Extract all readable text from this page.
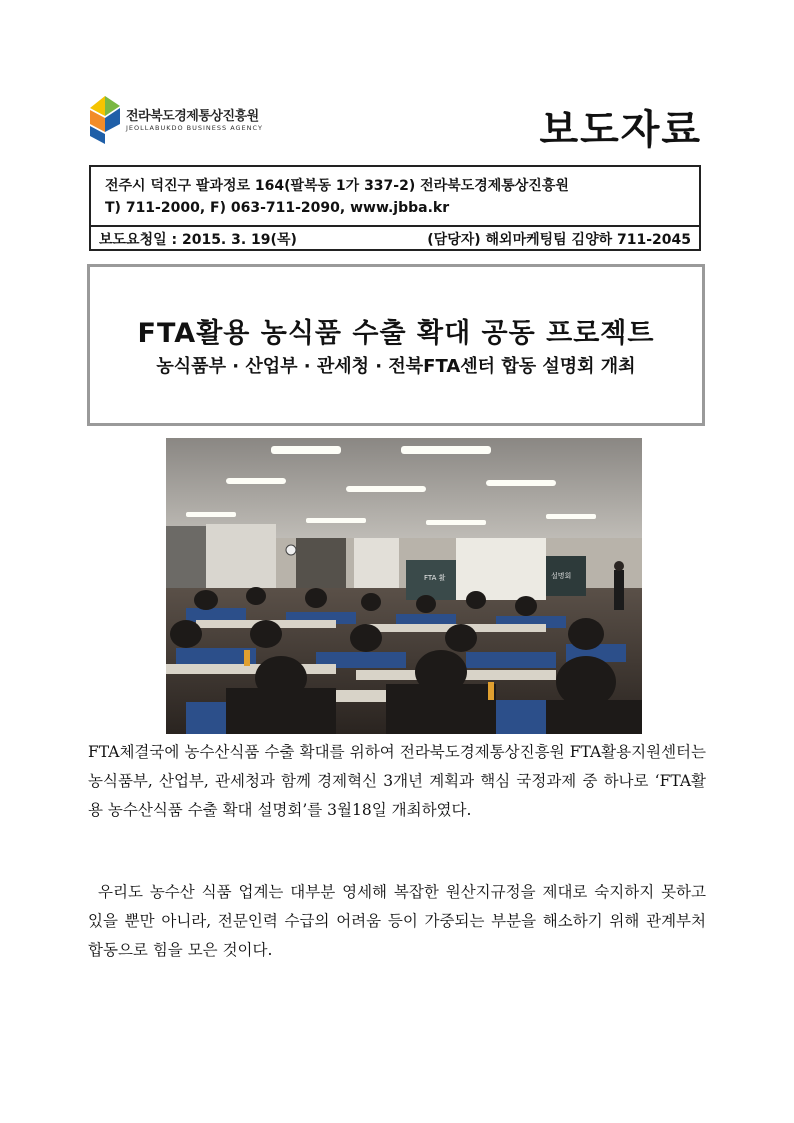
전라북도경제통상진흥원
JEOLLABUKDO BUSINESS AGENCY	보도자료
전주시 덕진구 팔과정로 164(팔복동 1가 337-2) 전라북도경제통상진흥원
T) 711-2000, F) 063-711-2090, www.jbba.kr
보도요청일 : 2015. 3. 19(목)	(담당자) 해외마케팅팀 김양하 711-2045
FTA활용 농식품 수출 확대 공동 프로젝트
농식품부 · 산업부 · 관세청 · 전북FTA센터 합동 설명회 개최
FTA 활	설명회

FTA체결국에 농수산식품 수출 확대를 위하여 전라북도경제통상진흥원 FTA활용지원센터는 농식품부, 산업부, 관세청과 함께 경제혁신 3개년 계획과 핵심 국정과제 중 하나로 ‘FTA활용 농수산식품 수출 확대 설명회’를 3월18일 개최하였다.

우리도 농수산 식품 업계는 대부분 영세해 복잡한 원산지규정을 제대로 숙지하지 못하고 있을 뿐만 아니라, 전문인력 수급의 어려움 등이 가중되는 부분을 해소하기 위해 관계부처 합동으로 힘을 모은 것이다.
